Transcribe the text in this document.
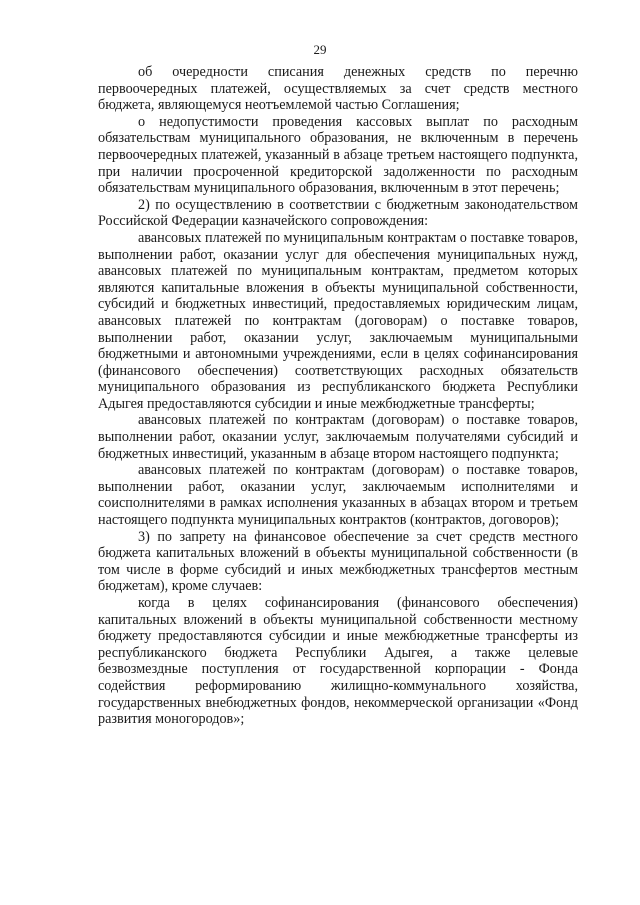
29

об очередности списания денежных средств по перечню первоочередных платежей, осуществляемых за счет средств местного бюджета, являющемуся неотъемлемой частью Соглашения;

о недопустимости проведения кассовых выплат по расходным обязательствам муниципального образования, не включенным в перечень первоочередных платежей, указанный в абзаце третьем настоящего подпункта, при наличии просроченной кредиторской задолженности по расходным обязательствам муниципального образования, включенным в этот перечень;

2) по осуществлению в соответствии с бюджетным законодательством Российской Федерации казначейского сопровождения:

авансовых платежей по муниципальным контрактам о поставке товаров, выполнении работ, оказании услуг для обеспечения муниципальных нужд, авансовых платежей по муниципальным контрактам, предметом которых являются капитальные вложения в объекты муниципальной собственности, субсидий и бюджетных инвестиций, предоставляемых юридическим лицам, авансовых платежей по контрактам (договорам) о поставке товаров, выполнении работ, оказании услуг, заключаемым муниципальными бюджетными и автономными учреждениями, если в целях софинансирования (финансового обеспечения) соответствующих расходных обязательств муниципального образования из республиканского бюджета Республики Адыгея предоставляются субсидии и иные межбюджетные трансферты;

авансовых платежей по контрактам (договорам) о поставке товаров, выполнении работ, оказании услуг, заключаемым получателями субсидий и бюджетных инвестиций, указанным в абзаце втором настоящего подпункта;

авансовых платежей по контрактам (договорам) о поставке товаров, выполнении работ, оказании услуг, заключаемым исполнителями и соисполнителями в рамках исполнения указанных в абзацах втором и третьем настоящего подпункта муниципальных контрактов (контрактов, договоров);

3) по запрету на финансовое обеспечение за счет средств местного бюджета капитальных вложений в объекты муниципальной собственности (в том числе в форме субсидий и иных межбюджетных трансфертов местным бюджетам), кроме случаев:

когда в целях софинансирования (финансового обеспечения) капитальных вложений в объекты муниципальной собственности местному бюджету предоставляются субсидии и иные межбюджетные трансферты из республиканского бюджета Республики Адыгея, а также целевые безвозмездные поступления от государственной корпорации - Фонда содействия реформированию жилищно-коммунального хозяйства, государственных внебюджетных фондов, некоммерческой организации «Фонд развития моногородов»;
